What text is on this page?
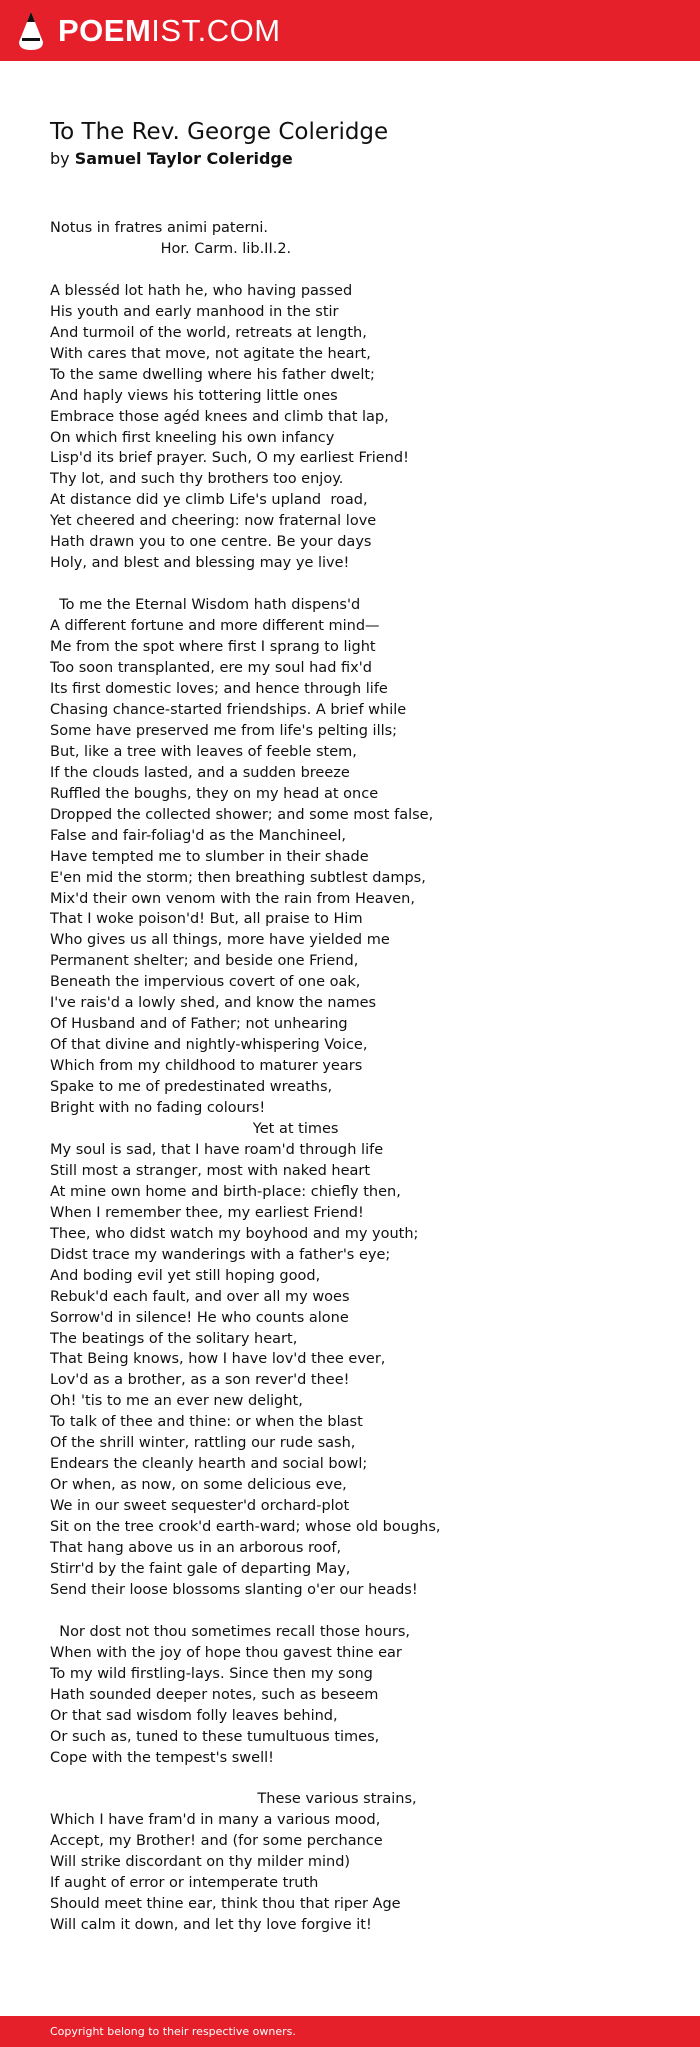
POEMIST.COM
To The Rev. George Coleridge
by Samuel Taylor Coleridge
Notus in fratres animi paterni.
Hor. Carm. lib.II.2.

A blesséd lot hath he, who having passed
His youth and early manhood in the stir
And turmoil of the world, retreats at length,
With cares that move, not agitate the heart,
To the same dwelling where his father dwelt;
And haply views his tottering little ones
Embrace those agéd knees and climb that lap,
On which first kneeling his own infancy
Lisp'd its brief prayer. Such, O my earliest Friend!
Thy lot, and such thy brothers too enjoy.
At distance did ye climb Life's upland  road,
Yet cheered and cheering: now fraternal love
Hath drawn you to one centre. Be your days
Holy, and blest and blessing may ye live!

To me the Eternal Wisdom hath dispens'd
A different fortune and more different mind—
Me from the spot where first I sprang to light
Too soon transplanted, ere my soul had fix'd
Its first domestic loves; and hence through life
Chasing chance-started friendships. A brief while
Some have preserved me from life's pelting ills;
But, like a tree with leaves of feeble stem,
If the clouds lasted, and a sudden breeze
Ruffled the boughs, they on my head at once
Dropped the collected shower; and some most false,
False and fair-foliag'd as the Manchineel,
Have tempted me to slumber in their shade
E'en mid the storm; then breathing subtlest damps,
Mix'd their own venom with the rain from Heaven,
That I woke poison'd! But, all praise to Him
Who gives us all things, more have yielded me
Permanent shelter; and beside one Friend,
Beneath the impervious covert of one oak,
I've rais'd a lowly shed, and know the names
Of Husband and of Father; not unhearing
Of that divine and nightly-whispering Voice,
Which from my childhood to maturer years
Spake to me of predestinated wreaths,
Bright with no fading colours!
Yet at times
My soul is sad, that I have roam'd through life
Still most a stranger, most with naked heart
At mine own home and birth-place: chiefly then,
When I remember thee, my earliest Friend!
Thee, who didst watch my boyhood and my youth;
Didst trace my wanderings with a father's eye;
And boding evil yet still hoping good,
Rebuk'd each fault, and over all my woes
Sorrow'd in silence! He who counts alone
The beatings of the solitary heart,
That Being knows, how I have lov'd thee ever,
Lov'd as a brother, as a son rever'd thee!
Oh! 'tis to me an ever new delight,
To talk of thee and thine: or when the blast
Of the shrill winter, rattling our rude sash,
Endears the cleanly hearth and social bowl;
Or when, as now, on some delicious eve,
We in our sweet sequester'd orchard-plot
Sit on the tree crook'd earth-ward; whose old boughs,
That hang above us in an arborous roof,
Stirr'd by the faint gale of departing May,
Send their loose blossoms slanting o'er our heads!

Nor dost not thou sometimes recall those hours,
When with the joy of hope thou gavest thine ear
To my wild firstling-lays. Since then my song
Hath sounded deeper notes, such as beseem
Or that sad wisdom folly leaves behind,
Or such as, tuned to these tumultuous times,
Cope with the tempest's swell!

These various strains,
Which I have fram'd in many a various mood,
Accept, my Brother! and (for some perchance
Will strike discordant on thy milder mind)
If aught of error or intemperate truth
Should meet thine ear, think thou that riper Age
Will calm it down, and let thy love forgive it!
Copyright belong to their respective owners.
